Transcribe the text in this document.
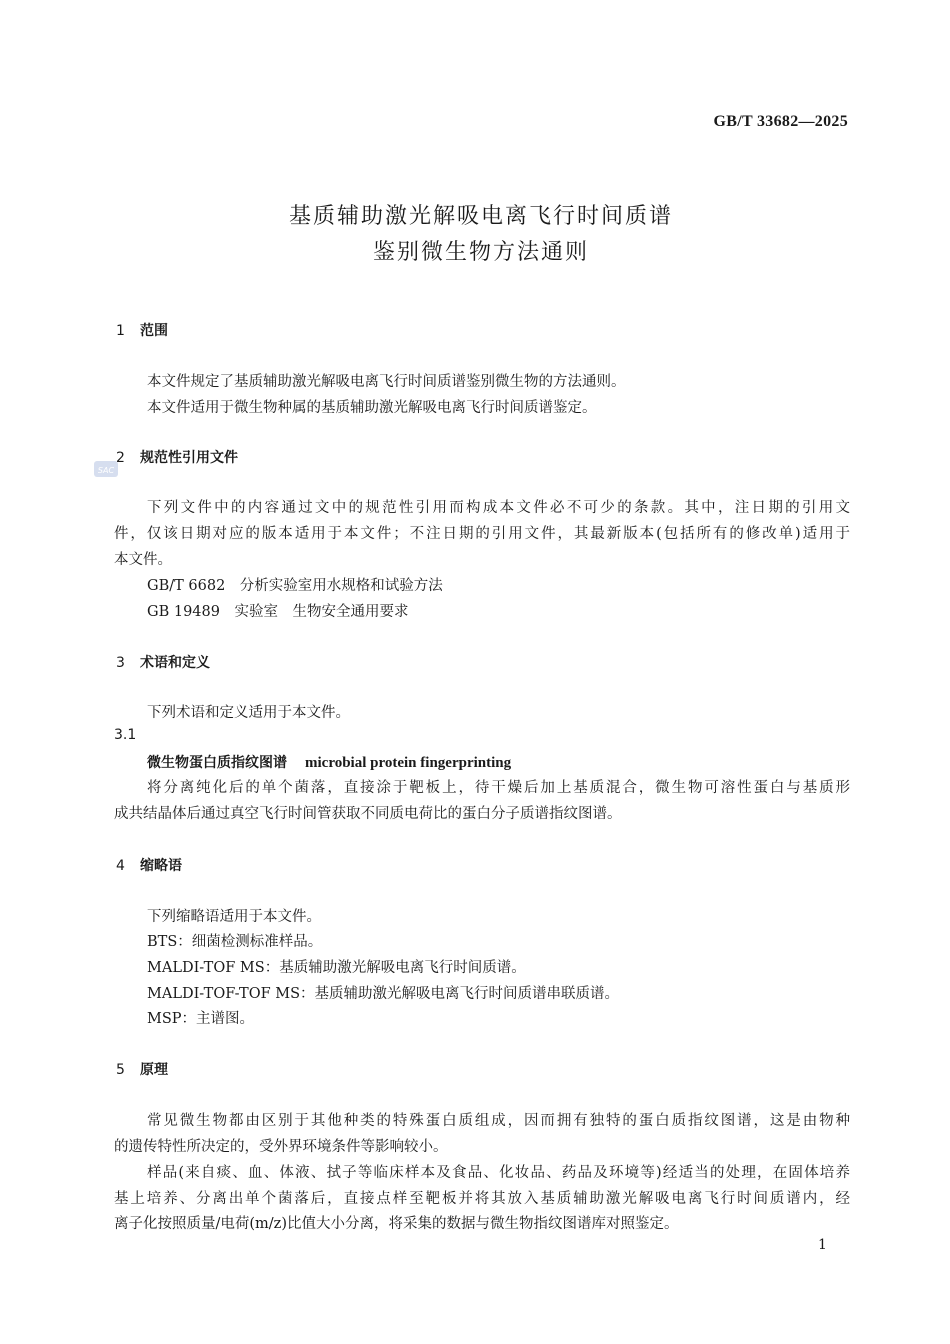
GB/T 33682—2025
基质辅助激光解吸电离飞行时间质谱
鉴别微生物方法通则
SAC
1 范围
本文件规定了基质辅助激光解吸电离飞行时间质谱鉴别微生物的方法通则。
本文件适用于微生物种属的基质辅助激光解吸电离飞行时间质谱鉴定。
2 规范性引用文件
下列文件中的内容通过文中的规范性引用而构成本文件必不可少的条款。其中，注日期的引用文
件，仅该日期对应的版本适用于本文件；不注日期的引用文件，其最新版本(包括所有的修改单)适用于
本文件。
GB/T 6682　分析实验室用水规格和试验方法
GB 19489　实验室　生物安全通用要求
3 术语和定义
下列术语和定义适用于本文件。
3.1
微生物蛋白质指纹图谱 microbial protein fingerprinting
将分离纯化后的单个菌落，直接涂于靶板上，待干燥后加上基质混合，微生物可溶性蛋白与基质形
成共结晶体后通过真空飞行时间管获取不同质电荷比的蛋白分子质谱指纹图谱。
4 缩略语
下列缩略语适用于本文件。
BTS：细菌检测标准样品。
MALDI-TOF MS：基质辅助激光解吸电离飞行时间质谱。
MALDI-TOF-TOF MS：基质辅助激光解吸电离飞行时间质谱串联质谱。
MSP：主谱图。
5 原理
常见微生物都由区别于其他种类的特殊蛋白质组成，因而拥有独特的蛋白质指纹图谱，这是由物种
的遗传特性所决定的，受外界环境条件等影响较小。
样品(来自痰、血、体液、拭子等临床样本及食品、化妆品、药品及环境等)经适当的处理，在固体培养
基上培养、分离出单个菌落后，直接点样至靶板并将其放入基质辅助激光解吸电离飞行时间质谱内，经
离子化按照质量/电荷(m/z)比值大小分离，将采集的数据与微生物指纹图谱库对照鉴定。
1
